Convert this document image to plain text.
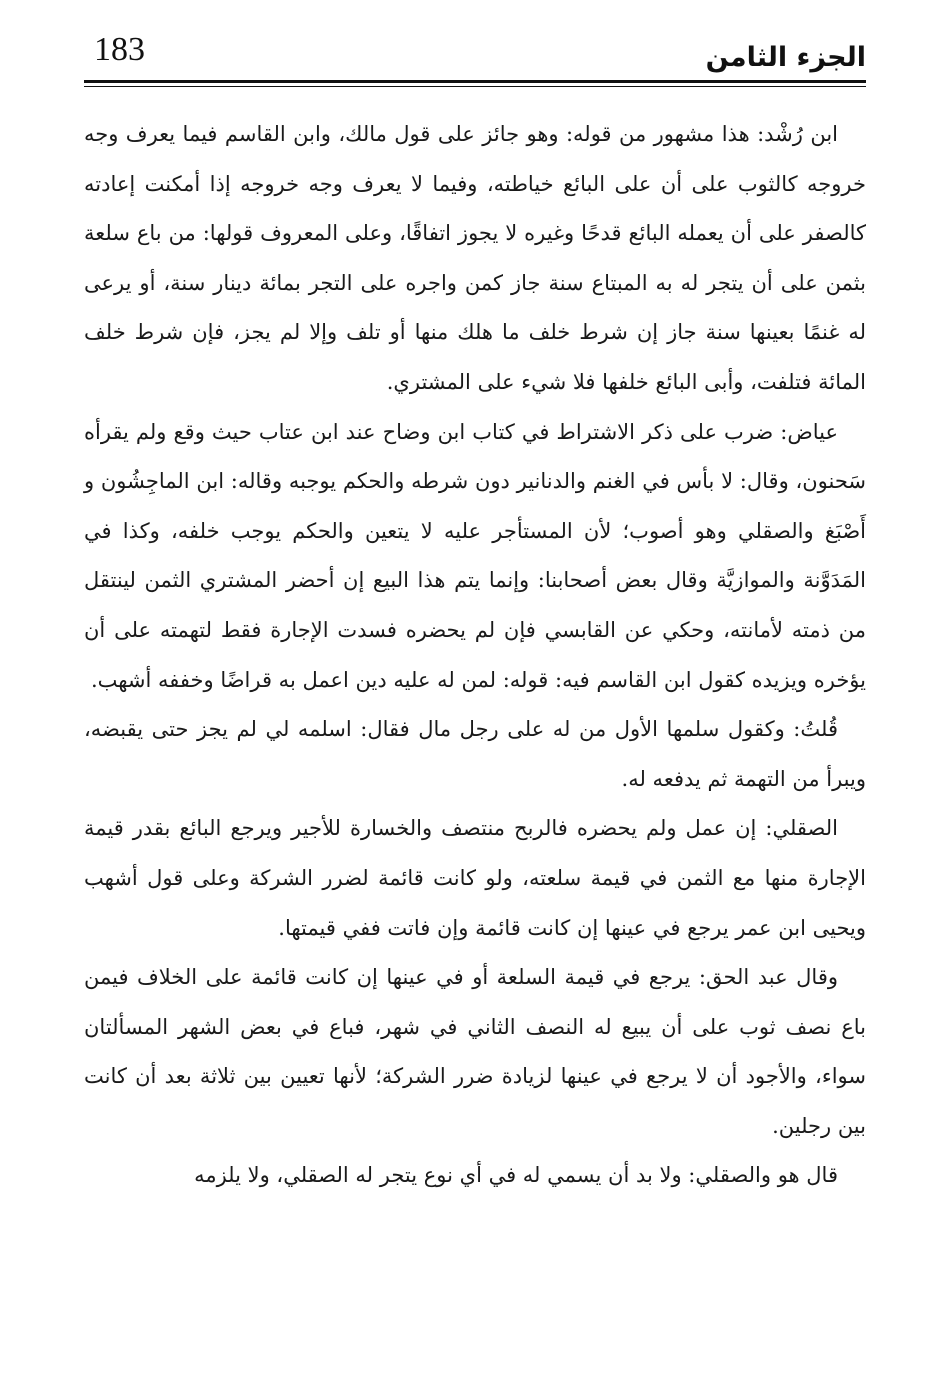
183	الجزء الثامن

ابن رُشْد: هذا مشهور من قوله: وهو جائز على قول مالك، وابن القاسم فيما يعرف وجه خروجه كالثوب على أن على البائع خياطته، وفيما لا يعرف وجه خروجه إذا أمكنت إعادته كالصفر على أن يعمله البائع قدحًا وغيره لا يجوز اتفاقًا، وعلى المعروف قولها: من باع سلعة بثمن على أن يتجر له به المبتاع سنة جاز كمن واجره على التجر بمائة دينار سنة، أو يرعى له غنمًا بعينها سنة جاز إن شرط خلف ما هلك منها أو تلف وإلا لم يجز، فإن شرط خلف المائة فتلفت، وأبى البائع خلفها فلا شيء على المشتري.

عياض: ضرب على ذكر الاشتراط في كتاب ابن وضاح عند ابن عتاب حيث وقع ولم يقرأه سَحنون، وقال: لا بأس في الغنم والدنانير دون شرطه والحكم يوجبه وقاله: ابن الماجِشُون و أَصْبَغ والصقلي وهو أصوب؛ لأن المستأجر عليه لا يتعين والحكم يوجب خلفه، وكذا في المَدَوَّنة والموازيَّة وقال بعض أصحابنا: وإنما يتم هذا البيع إن أحضر المشتري الثمن لينتقل من ذمته لأمانته، وحكي عن القابسي فإن لم يحضره فسدت الإجارة فقط لتهمته على أن يؤخره ويزيده كقول ابن القاسم فيه: قوله: لمن له عليه دين اعمل به قراضًا وخففه أشهب.

قُلتُ: وكقول سلمها الأول من له على رجل مال فقال: اسلمه لي لم يجز حتى يقبضه، ويبرأ من التهمة ثم يدفعه له.

الصقلي: إن عمل ولم يحضره فالربح منتصف والخسارة للأجير ويرجع البائع بقدر قيمة الإجارة منها مع الثمن في قيمة سلعته، ولو كانت قائمة لضرر الشركة وعلى قول أشهب ويحيى ابن عمر يرجع في عينها إن كانت قائمة وإن فاتت ففي قيمتها.

وقال عبد الحق: يرجع في قيمة السلعة أو في عينها إن كانت قائمة على الخلاف فيمن باع نصف ثوب على أن يبيع له النصف الثاني في شهر، فباع في بعض الشهر المسألتان سواء، والأجود أن لا يرجع في عينها لزيادة ضرر الشركة؛ لأنها تعيين بين ثلاثة بعد أن كانت بين رجلين.

قال هو والصقلي: ولا بد أن يسمي له في أي نوع يتجر له الصقلي، ولا يلزمه
